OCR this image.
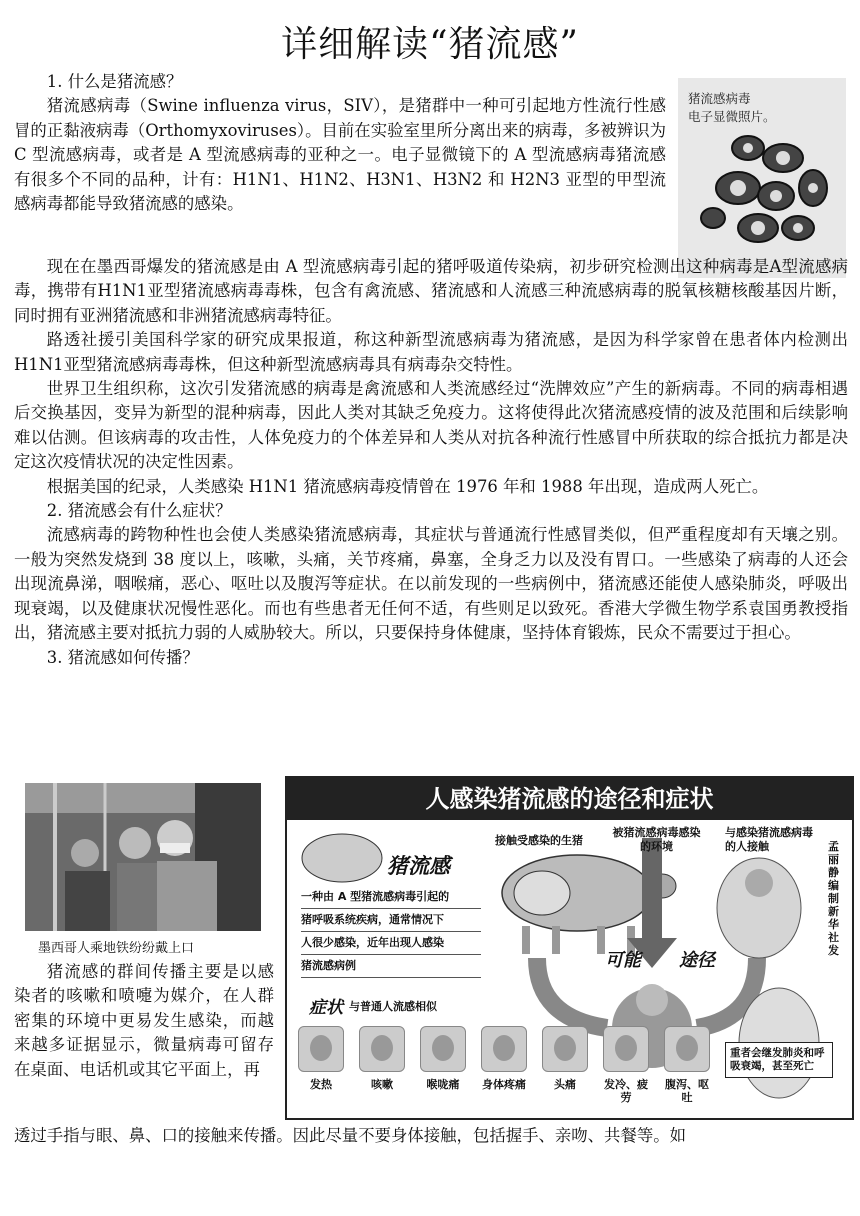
详细解读“猪流感”

1. 什么是猪流感？

猪流感病毒（Swine influenza virus，SIV），是猪群中一种可引起地方性流行性感冒的正黏液病毒（Orthomyxoviruses）。目前在实验室里所分离出来的病毒，多被辨识为 C 型流感病毒，或者是 A 型流感病毒的亚种之一。电子显微镜下的 A 型流感病毒猪流感有很多个不同的品种，计有：H1N1、H1N2、H3N1、H3N2 和 H2N3 亚型的甲型流感病毒都能导致猪流感的感染。

猪流感病毒
电子显微照片。

现在在墨西哥爆发的猪流感是由 A 型流感病毒引起的猪呼吸道传染病，初步研究检测出这种病毒是A型流感病毒，携带有H1N1亚型猪流感病毒毒株，包含有禽流感、猪流感和人流感三种流感病毒的脱氧核糖核酸基因片断，同时拥有亚洲猪流感和非洲猪流感病毒特征。

路透社援引美国科学家的研究成果报道，称这种新型流感病毒为猪流感，是因为科学家曾在患者体内检测出H1N1亚型猪流感病毒毒株，但这种新型流感病毒具有病毒杂交特性。

世界卫生组织称，这次引发猪流感的病毒是禽流感和人类流感经过“洗牌效应”产生的新病毒。不同的病毒相遇后交换基因，变异为新型的混种病毒，因此人类对其缺乏免疫力。这将使得此次猪流感疫情的波及范围和后续影响难以估测。但该病毒的攻击性，人体免疫力的个体差异和人类从对抗各种流行性感冒中所获取的综合抵抗力都是决定这次疫情状况的决定性因素。

根据美国的纪录，人类感染 H1N1 猪流感病毒疫情曾在 1976 年和 1988 年出现，造成两人死亡。

2. 猪流感会有什么症状？

流感病毒的跨物种性也会使人类感染猪流感病毒，其症状与普通流行性感冒类似，但严重程度却有天壤之别。一般为突然发烧到 38 度以上，咳嗽，头痛，关节疼痛，鼻塞，全身乏力以及没有胃口。一些感染了病毒的人还会出现流鼻涕，咽喉痛，恶心、呕吐以及腹泻等症状。在以前发现的一些病例中，猪流感还能使人感染肺炎，呼吸出现衰竭，以及健康状况慢性恶化。而也有些患者无任何不适，有些则足以致死。香港大学微生物学系袁国勇教授指出，猪流感主要对抵抗力弱的人威胁较大。所以，只要保持身体健康，坚持体育锻炼，民众不需要过于担心。

3. 猪流感如何传播？

墨西哥人乘地铁纷纷戴上口

猪流感的群间传播主要是以感染者的咳嗽和喷嚏为媒介，在人群密集的环境中更易发生感染，而越来越多证据显示，微量病毒可留存在桌面、电话机或其它平面上，再

人感染猪流感的途径和症状
接触受感染的生猪
被猪流感病毒感染的环境
与感染猪流感病毒的人接触
猪流感
一种由 A 型猪流感病毒引起的
猪呼吸系统疾病，通常情况下
人很少感染，近年出现人感染
猪流感病例	可能 途径
症状 与普通人流感相似
孟丽静编制 新华社发
发热	咳嗽	喉咙痛	身体疼痛	头痛	发冷、疲劳
腹泻、呕吐
重者会继发肺炎和呼吸衰竭，甚至死亡

透过手指与眼、鼻、口的接触来传播。因此尽量不要身体接触，包括握手、亲吻、共餐等。如
